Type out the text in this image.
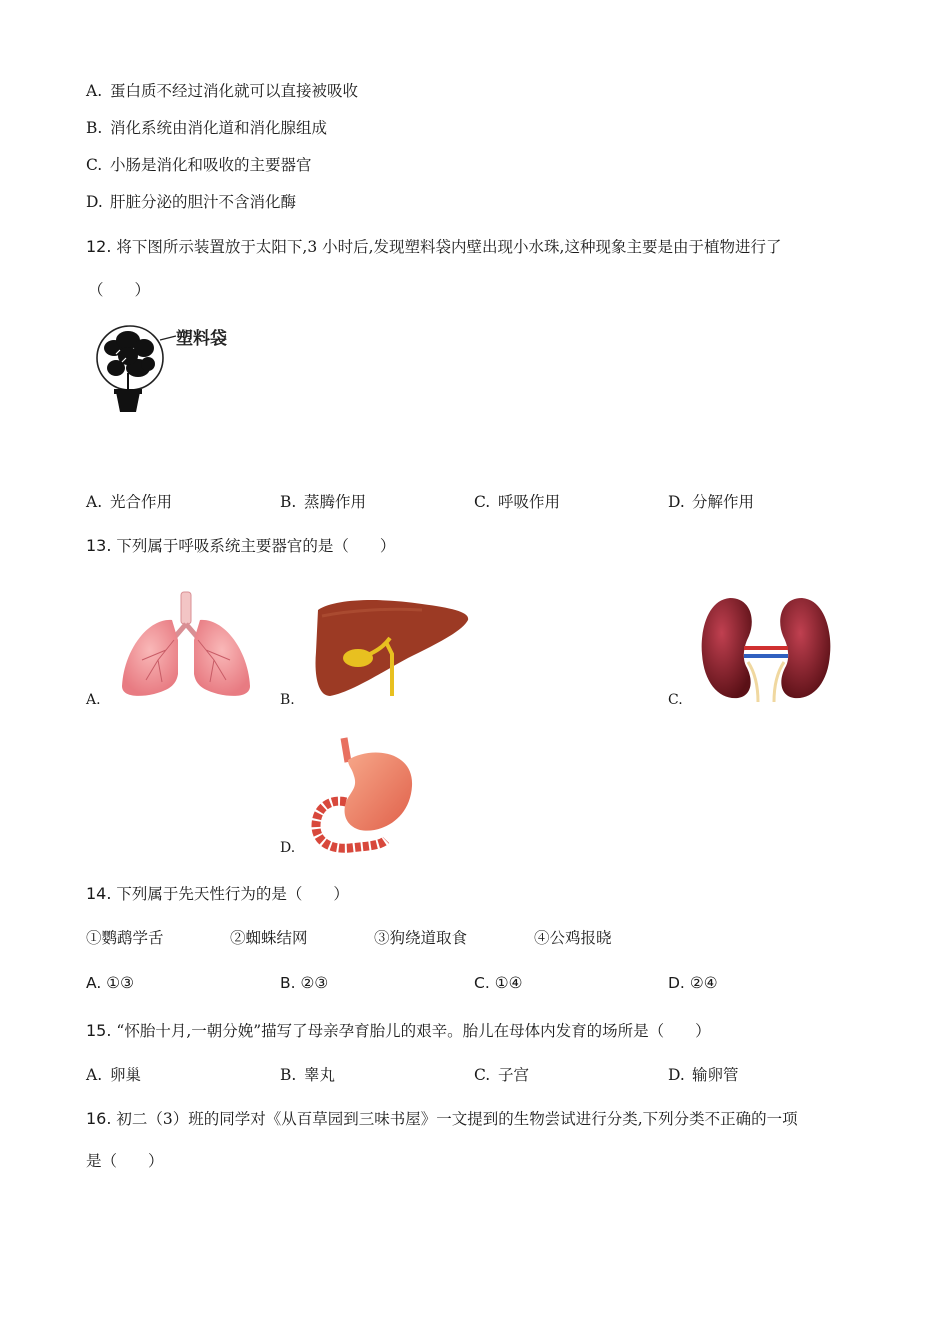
A. 蛋白质不经过消化就可以直接被吸收
B. 消化系统由消化道和消化腺组成
C. 小肠是消化和吸收的主要器官
D. 肝脏分泌的胆汁不含消化酶
12. 将下图所示装置放于太阳下,3 小时后,发现塑料袋内壁出现小水珠,这种现象主要是由于植物进行了
（　　）
塑料袋
A. 光合作用	B. 蒸腾作用	C. 呼吸作用	D. 分解作用
13. 下列属于呼吸系统主要器官的是（　　）
A.	B.	C.
D.
14. 下列属于先天性行为的是（　　）
①鹦鹉学舌	②蜘蛛结网	③狗绕道取食	④公鸡报晓
A. ①③	B. ②③	C. ①④	D. ②④
15. “怀胎十月,一朝分娩”描写了母亲孕育胎儿的艰辛。胎儿在母体内发育的场所是（　　）
A. 卵巢	B. 睾丸	C. 子宫	D. 输卵管
16. 初二（3）班的同学对《从百草园到三味书屋》一文提到的生物尝试进行分类,下列分类不正确的一项
是（　　）
